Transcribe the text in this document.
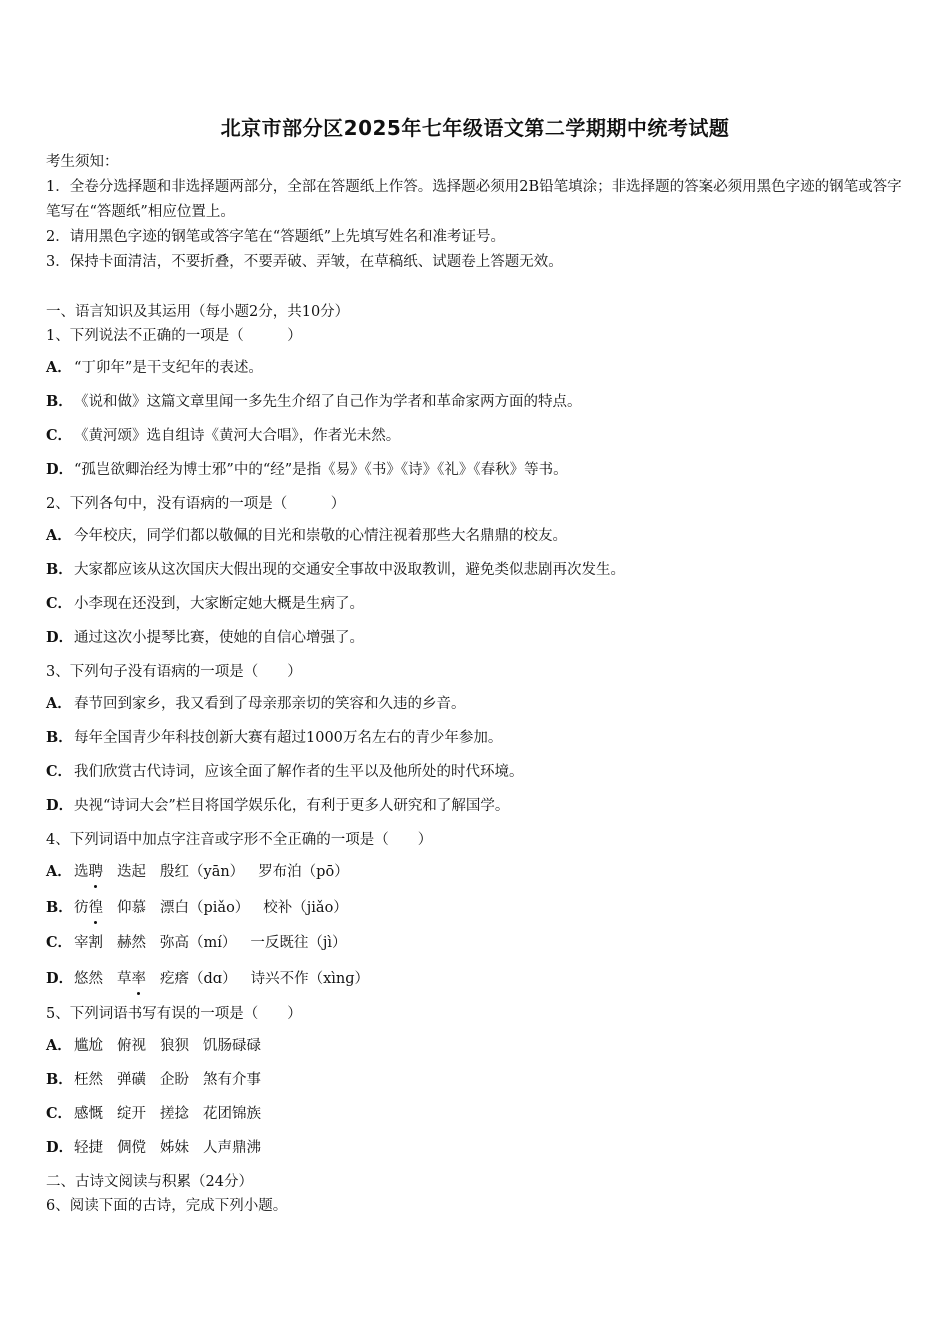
北京市部分区2025年七年级语文第二学期期中统考试题
考生须知：
1．全卷分选择题和非选择题两部分，全部在答题纸上作答。选择题必须用2B铅笔填涂；非选择题的答案必须用黑色字迹的钢笔或答字笔写在“答题纸”相应位置上。
2．请用黑色字迹的钢笔或答字笔在“答题纸”上先填写姓名和准考证号。
3．保持卡面清洁，不要折叠，不要弄破、弄皱，在草稿纸、试题卷上答题无效。
一、语言知识及其运用（每小题2分，共10分）
1、下列说法不正确的一项是（　　　）
A． “丁卯年”是干支纪年的表述。
B．《说和做》这篇文章里闻一多先生介绍了自己作为学者和革命家两方面的特点。
C． 《黄河颂》选自组诗《黄河大合唱》，作者光未然。
D．“孤岂欲卿治经为博士邪”中的“经”是指《易》《书》《诗》《礼》《春秋》等书。
2、下列各句中，没有语病的一项是（　　　）
A． 今年校庆，同学们都以敬佩的目光和崇敬的心情注视着那些大名鼎鼎的校友。
B．大家都应该从这次国庆大假出现的交通安全事故中汲取教训，避免类似悲剧再次发生。
C． 小李现在还没到，大家断定她大概是生病了。
D．通过这次小提琴比赛，使她的自信心增强了。
3、下列句子没有语病的一项是（　　）
A． 春节回到家乡，我又看到了母亲那亲切的笑容和久违的乡音。
B．每年全国青少年科技创新大赛有超过1000万名左右的青少年参加。
C． 我们欣赏古代诗词，应该全面了解作者的生平以及他所处的时代环境。
D．央视“诗词大会”栏目将国学娱乐化，有利于更多人研究和了解国学。
4、下列词语中加点字注音或字形不全正确的一项是（　　）
A． 选聘 迭起 殷红（yān） 罗布泊（pō）
B．彷徨 仰慕 漂白（piǎo） 校补（jiǎo）
C． 宰割 赫然 弥高（mí） 一反既往（jì）
D．悠然 草率 疙瘩（dɑ） 诗兴不作（xìnɡ）
5、下列词语书写有误的一项是（　　）
A． 尴尬 俯视 狼狈 饥肠碌碌
B．枉然 弹磺 企盼 煞有介事
C． 感慨 绽开 搓捻 花团锦族
D．轻捷 倜傥 姊妹 人声鼎沸
二、古诗文阅读与积累（24分）
6、阅读下面的古诗，完成下列小题。
